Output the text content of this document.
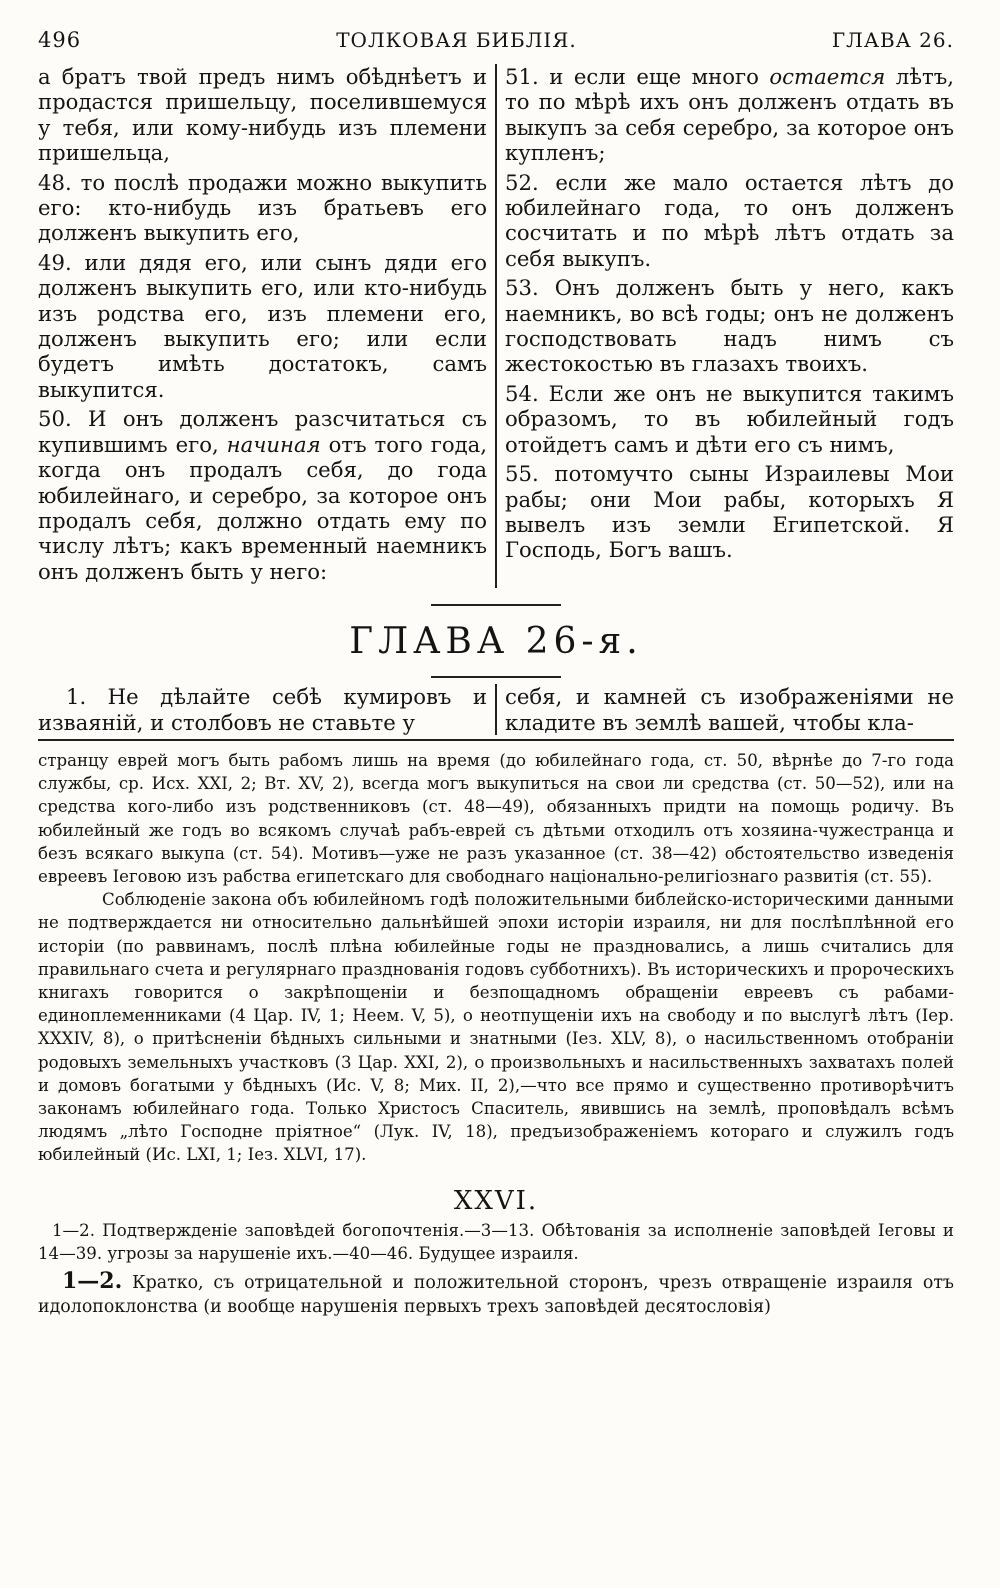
496	ТОЛКОВАЯ БИБЛІЯ.	ГЛАВА 26.

а братъ твой предъ нимъ обѣднѣетъ и продастся пришельцу, поселившемуся у тебя, или кому-нибудь изъ племени пришельца,

48. то послѣ продажи можно выкупить его: кто-нибудь изъ братьевъ его долженъ выкупить его,

49. или дядя его, или сынъ дяди его долженъ выкупить его, или кто-нибудь изъ родства его, изъ племени его, долженъ выкупить его; или если будетъ имѣть достатокъ, самъ выкупится.

50. И онъ долженъ разсчитаться съ купившимъ его, начиная отъ того года, когда онъ продалъ себя, до года юбилейнаго, и серебро, за которое онъ продалъ себя, должно отдать ему по числу лѣтъ; какъ временный наемникъ онъ долженъ быть у него:

51. и если еще много остается лѣтъ, то по мѣрѣ ихъ онъ долженъ отдать въ выкупъ за себя серебро, за которое онъ купленъ;

52. если же мало остается лѣтъ до юбилейнаго года, то онъ долженъ сосчитать и по мѣрѣ лѣтъ отдать за себя выкупъ.

53. Онъ долженъ быть у него, какъ наемникъ, во всѣ годы; онъ не долженъ господствовать надъ нимъ съ жестокостью въ глазахъ твоихъ.

54. Если же онъ не выкупится такимъ образомъ, то въ юбилейный годъ отойдетъ самъ и дѣти его съ нимъ,

55. потомучто сыны Израилевы Мои рабы; они Мои рабы, которыхъ Я вывелъ изъ земли Египетской. Я Господь, Богъ вашъ.

ГЛАВА 26-я.

1. Не дѣлайте себѣ кумировъ и изваяній, и столбовъ не ставьте у

себя, и камней съ изображеніями не кладите въ землѣ вашей, чтобы кла-

странцу еврей могъ быть рабомъ лишь на время (до юбилейнаго года, ст. 50, вѣрнѣе до 7-го года службы, ср. Исх. XXI, 2; Вт. XV, 2), всегда могъ выкупиться на свои ли средства (ст. 50—52), или на средства кого-либо изъ родственниковъ (ст. 48—49), обязанныхъ придти на помощь родичу. Въ юбилейный же годъ во всякомъ случаѣ рабъ-еврей съ дѣтьми отходилъ отъ хозяина-чужестранца и безъ всякаго выкупа (ст. 54). Мотивъ—уже не разъ указанное (ст. 38—42) обстоятельство изведенія евреевъ Іеговою изъ рабства египетскаго для свободнаго національно-религіознаго развитія (ст. 55).

Соблюденіе закона объ юбилейномъ годѣ положительными библейско-историческими данными не подтверждается ни относительно дальнѣйшей эпохи исторіи израиля, ни для послѣплѣнной его исторіи (по раввинамъ, послѣ плѣна юбилейные годы не праздновались, а лишь считались для правильнаго счета и регулярнаго празднованія годовъ субботнихъ). Въ историческихъ и пророческихъ книгахъ говорится о закрѣпощеніи и безпощадномъ обращеніи евреевъ съ рабами-единоплеменниками (4 Цар. IV, 1; Неем. V, 5), о неотпущеніи ихъ на свободу и по выслугѣ лѣтъ (Іер. XXXIV, 8), о притѣсненіи бѣдныхъ сильными и знатными (Іез. XLV, 8), о насильственномъ отобраніи родовыхъ земельныхъ участковъ (3 Цар. XXI, 2), о произвольныхъ и насильственныхъ захватахъ полей и домовъ богатыми у бѣдныхъ (Ис. V, 8; Мих. II, 2),—что все прямо и существенно противорѣчитъ законамъ юбилейнаго года. Только Христосъ Спаситель, явившись на землѣ, проповѣдалъ всѣмъ людямъ „лѣто Господне пріятное“ (Лук. IV, 18), предъизображеніемъ котораго и служилъ годъ юбилейный (Ис. LXI, 1; Іез. XLVI, 17).

XXVI.

1—2. Подтвержденіе заповѣдей богопочтенія.—3—13. Обѣтованія за исполненіе заповѣдей Іеговы и 14—39. угрозы за нарушеніе ихъ.—40—46. Будущее израиля.

1—2. Кратко, съ отрицательной и положительной сторонъ, чрезъ отвращеніе израиля отъ идолопоклонства (и вообще нарушенія первыхъ трехъ заповѣдей десятословія)
